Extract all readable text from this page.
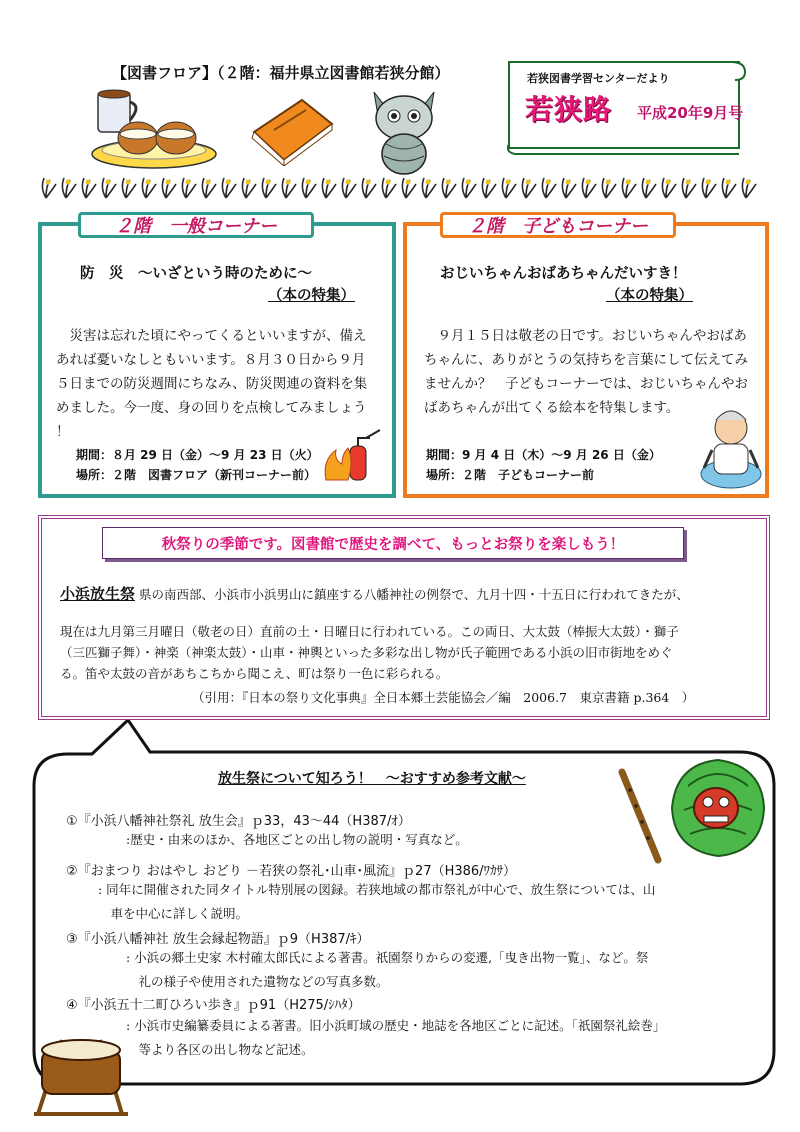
【図書フロア】（２階：福井県立図書館若狭分館）	若狭図書学習センターだより
若狭路 平成20年9月号
２階　一般コーナー
防　災　～いざという時のために～
（本の特集）
　災害は忘れた頃にやってくるといいますが、備え
あれば憂いなしともいいます。８月３０日から９月
５日までの防災週間にちなみ、防災関連の資料を集
めました。今一度、身の回りを点検してみましょう
！
期間：８月 29 日（金）～9 月 23 日（火）
場所：２階　図書フロア（新刊コーナー前）
２階　子どもコーナー
おじいちゃんおばあちゃんだいすき！
（本の特集）
　９月１５日は敬老の日です。おじいちゃんやおばあ
ちゃんに、ありがとうの気持ちを言葉にして伝えてみ
ませんか？　子どもコーナーでは、おじいちゃんやお
ばあちゃんが出てくる絵本を特集します。
期間：9 月 4 日（木）～9 月 26 日（金）
場所：２階　子どもコーナー前
秋祭りの季節です。図書館で歴史を調べて、もっとお祭りを楽しもう！
小浜放生祭 県の南西部、小浜市小浜男山に鎮座する八幡神社の例祭で、九月十四・十五日に行われてきたが、
現在は九月第三月曜日（敬老の日）直前の土・日曜日に行われている。この両日、大太鼓（棒振大太鼓）・獅子
（三匹獅子舞）・神楽（神楽太鼓）・山車・神輿といった多彩な出し物が氏子範囲である小浜の旧市街地をめぐ
る。笛や太鼓の音があちこちから聞こえ、町は祭り一色に彩られる。
（引用：『日本の祭り文化事典』全日本郷土芸能協会／編　2006.7　東京書籍 p.364　）
放生祭について知ろう！　～おすすめ参考文献～
①『小浜八幡神社祭礼 放生会』ｐ33，43～44（H387/ｵ）
:歴史・由来のほか、各地区ごとの出し物の説明・写真など。
②『おまつり おはやし おどり －若狭の祭礼･山車･風流』ｐ27（H386/ﾜｶｻ）
: 同年に開催された同タイトル特別展の図録。若狭地域の都市祭礼が中心で、放生祭については、山
　車を中心に詳しく説明。
③『小浜八幡神社 放生会縁起物語』ｐ9（H387/ｷ）
: 小浜の郷土史家 木村確太郎氏による著書。祇園祭りからの変遷,「曳き出物一覧」、など。祭
　礼の様子や使用された遺物などの写真多数。
④『小浜五十二町ひろい歩き』ｐ91（H275/ｼﾊﾀ）
: 小浜市史編纂委員による著書。旧小浜町域の歴史・地誌を各地区ごとに記述。「祇園祭礼絵巻」
　等より各区の出し物など記述。
